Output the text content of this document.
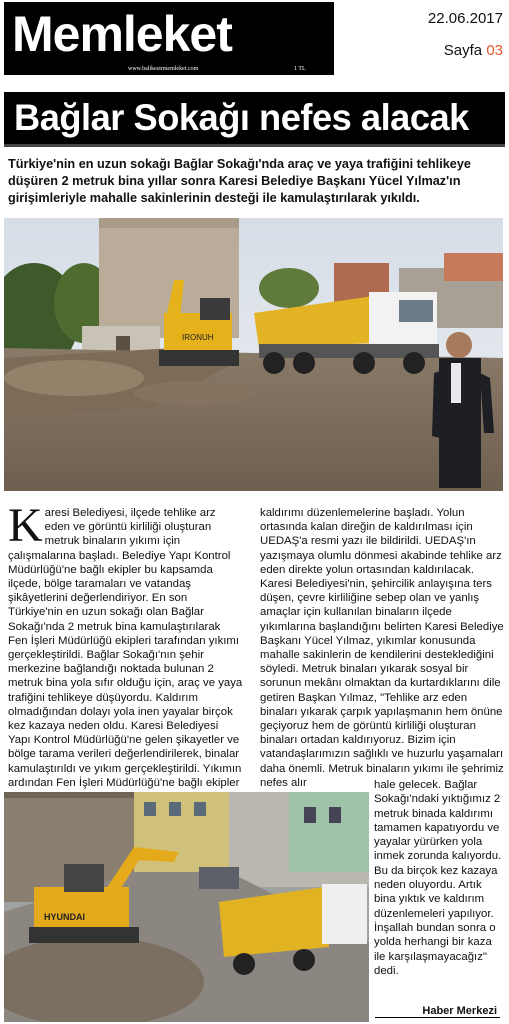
Memleket
www.balikesirmemleket.com	1 TL
22.06.2017
Sayfa 03
Bağlar Sokağı nefes alacak
Türkiye'nin en uzun sokağı Bağlar Sokağı'nda araç ve yaya trafiğini tehlikeye düşüren 2 metruk bina yıllar sonra Karesi Belediye Başkanı Yücel Yılmaz'ın girişimleriyle mahalle sakinlerinin desteği ile kamulaştırılarak yıkıldı.
IRONUH

Karesi Belediyesi, ilçede tehlike arz eden ve görüntü kirliliği oluşturan metruk binaların yıkımı için çalışmalarına başladı. Belediye Yapı Kontrol Müdürlüğü'ne bağlı ekipler bu kapsamda ilçede, bölge taramaları ve vatandaş şikâyetlerini değerlendiriyor. En son Türkiye'nin en uzun sokağı olan Bağlar Sokağı'nda 2 metruk bina kamulaştırılarak Fen İşleri Müdürlüğü ekipleri tarafından yıkımı gerçekleştirildi. Bağlar Sokağı'nın şehir merkezine bağlandığı noktada bulunan 2 metruk bina yola sıfır olduğu için, araç ve yaya trafiğini tehlikeye düşüyordu. Kaldırım olmadığından dolayı yola inen yayalar birçok kez kazaya neden oldu. Karesi Belediyesi Yapı Kontrol Müdürlüğü'ne gelen şikayetler ve bölge tarama verileri değerlendirilerek, binalar kamulaştırıldı ve yıkım gerçekleştirildi. Yıkımın ardından Fen İşleri Müdürlüğü'ne bağlı ekipler

kaldırımı düzenlemelerine başladı. Yolun ortasında kalan direğin de kaldırılması için UEDAŞ'a resmi yazı ile bildirildi. UEDAŞ'ın yazışmaya olumlu dönmesi akabinde tehlike arz eden direkte yolun ortasından kaldırılacak. Karesi Belediyesi'nin, şehircilik anlayışına ters düşen, çevre kirliliğine sebep olan ve yanlış amaçlar için kullanılan binaların ilçede yıkımlarına başlandığını belirten Karesi Belediye Başkanı Yücel Yılmaz, yıkımlar konusunda mahalle sakinlerin de kendilerini desteklediğini söyledi. Metruk binaları yıkarak sosyal bir sorunun mekânı olmaktan da kurtardıklarını dile getiren Başkan Yılmaz, "Tehlike arz eden binaları yıkarak çarpık yapılaşmanın hem önüne geçiyoruz hem de görüntü kirliliği oluşturan binaları ortadan kaldırıyoruz. Bizim için vatandaşlarımızın sağlıklı ve huzurlu yaşamaları daha önemli. Metruk binaların yıkımı ile şehrimiz nefes alır

HYUNDAI

hale gelecek. Bağlar Sokağı'ndaki yıktığımız 2 metruk binada kaldırımı tamamen kapatıyordu ve yayalar yürürken yola inmek zorunda kalıyordu. Bu da birçok kez kazaya neden oluyordu. Artık bina yıktık ve kaldırım düzenlemeleri yapılıyor. İnşallah bundan sonra o yolda herhangi bir kaza ile karşılaşmayacağız" dedi.

Haber Merkezi
